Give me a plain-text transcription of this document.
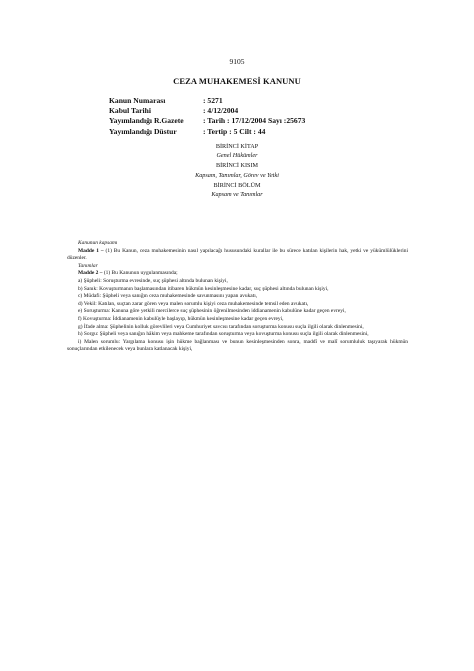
9105
CEZA MUHAKEMESİ KANUNU
Kanun Numarası	: 5271
Kabul Tarihi	: 4/12/2004
Yayımlandığı R.Gazete	: Tarih : 17/12/2004 Sayı :25673
Yayımlandığı Düstur	: Tertip : 5 Cilt : 44
BİRİNCİ KİTAP
Genel Hükümler
BİRİNCİ KISIM
Kapsam, Tanımlar, Görev ve Yetki
BİRİNCİ BÖLÜM
Kapsam ve Tanımlar

Kanunun kapsamı

Madde 1 – (1) Bu Kanun, ceza muhakemesinin nasıl yapılacağı hususundaki kurallar ile bu sürece katılan kişilerin hak, yetki ve yükümlülüklerini düzenler.

Tanımlar

Madde 2 – (1) Bu Kanunun uygulanmasında;

a) Şüpheli: Soruşturma evresinde, suç şüphesi altında bulunan kişiyi,

b) Sanık: Kovuşturmanın başlamasından itibaren hükmün kesinleşmesine kadar, suç şüphesi altında bulunan kişiyi,

c) Müdafi: Şüpheli veya sanığın ceza muhakemesinde savunmasını yapan avukatı,

d) Vekil: Katılan, suçtan zarar gören veya malen sorumlu kişiyi ceza muhakemesinde temsil eden avukatı,

e) Soruşturma: Kanuna göre yetkili mercilerce suç şüphesinin öğrenilmesinden iddianamenin kabulüne kadar geçen evreyi,

f) Kovuşturma: İddianamenin kabulüyle başlayıp, hükmün kesinleşmesine kadar geçen evreyi,

g) İfade alma: Şüphelinin kolluk görevlileri veya Cumhuriyet savcısı tarafından soruşturma konusu suçla ilgili olarak dinlenmesini,

h) Sorgu: Şüpheli veya sanığın hâkim veya mahkeme tarafından soruşturma veya kovuşturma konusu suçla ilgili olarak dinlenmesini,

i) Malen sorumlu: Yargılama konusu işin hükme bağlanması ve bunun kesinleşmesinden sonra, maddî ve malî sorumluluk taşıyarak hükmün sonuçlarından etkilenecek veya bunlara katlanacak kişiyi,
